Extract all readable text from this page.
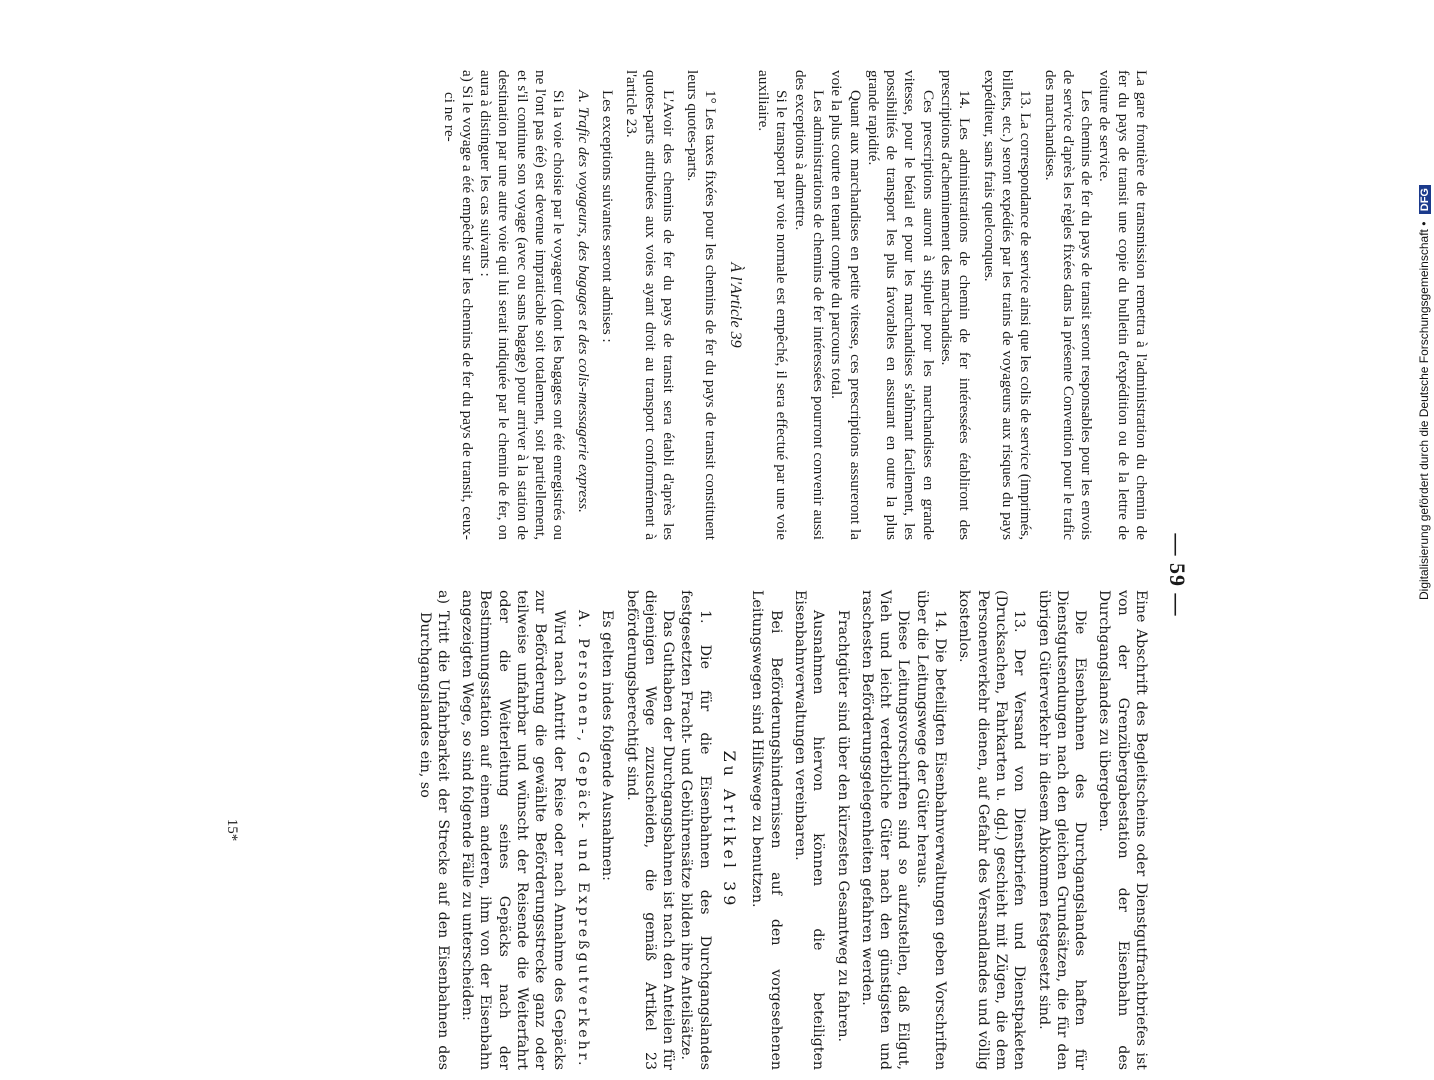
— 59 —

La gare frontière de transmission remettra à l'administration du chemin de fer du pays de transit une copie du bulletin d'expédition ou de la lettre de voiture de service.

Les chemins de fer du pays de transit seront responsables pour les envois de service d'après les règles fixées dans la présente Convention pour le trafic des marchandises.

13. La correspondance de service ainsi que les colis de service (imprimés, billets, etc.) seront expédiés par les trains de voyageurs aux risques du pays expéditeur, sans frais quelconques.

14. Les administrations de chemin de fer intéressées établiront des prescriptions d'acheminement des marchandises.

Ces prescriptions auront à stipuler pour les marchandises en grande vitesse, pour le bétail et pour les marchandises s'abîmant facilement, les possibilités de transport les plus favorables en assurant en outre la plus grande rapidité.

Quant aux marchandises en petite vitesse, ces prescriptions assureront la voie la plus courte en tenant compte du parcours total.

Les administrations de chemins de fer intéressées pourront convenir aussi des exceptions à admettre.

Si le transport par voie normale est empêché, il sera effectué par une voie auxiliaire.

À l'Article 39

1° Les taxes fixées pour les chemins de fer du pays de transit constituent leurs quotes-parts.

L'Avoir des chemins de fer du pays de transit sera établi d'après les quotes-parts attribuées aux voies ayant droit au transport conformément à l'article 23.

Les exceptions suivantes seront admises :

A. Trafic des voyageurs, des bagages et des colis-messagerie express.

Si la voie choisie par le voyageur (dont les bagages ont été enregistrés ou ne l'ont pas été) est devenue impraticable soit totalement, soit partiellement, et s'il continue son voyage (avec ou sans bagage) pour arriver à la station de destination par une autre voie qui lui serait indiquée par le chemin de fer, on aura à distinguer les cas suivants :

a) Si le voyage a été empêché sur les chemins de fer du pays de transit, ceux-ci ne re-

Eine Abschrift des Begleitscheins oder Dienstgutfrachtbriefes ist von der Grenzübergabestation der Eisenbahn des Durchgangslandes zu übergeben.

Die Eisenbahnen des Durchgangslandes haften für Dienstgutsendungen nach den gleichen Grundsätzen, die für den übrigen Güterverkehr in diesem Abkommen festgesetzt sind.

13. Der Versand von Dienstbriefen und Dienstpaketen (Drucksachen, Fahrkarten u. dgl.) geschieht mit Zügen, die dem Personenverkehr dienen, auf Gefahr des Versandlandes und völlig kostenlos.

14. Die beteiligten Eisenbahnverwaltungen geben Vorschriften über die Leitungswege der Güter heraus.

Diese Leitungsvorschriften sind so aufzustellen, daß Eilgut, Vieh und leicht verderbliche Güter nach den günstigsten und raschesten Beförderungsgelegenheiten gefahren werden.

Frachtgüter sind über den kürzesten Gesamtweg zu fahren.

Ausnahmen hiervon können die beteiligten Eisenbahnverwaltungen vereinbaren.

Bei Beförderungshindernissen auf den vorgesehenen Leitungswegen sind Hilfswege zu benutzen.

Zu Artikel 39

1. Die für die Eisenbahnen des Durchgangslandes festgesetzten Fracht- und Gebührensätze bilden ihre Anteilsätze.

Das Guthaben der Durchgangsbahnen ist nach den Anteilen für diejenigen Wege zuzuscheiden, die gemäß Artikel 23 beförderungsberechtigt sind.

Es gelten indes folgende Ausnahmen:

A. Personen-, Gepäck- und Expreßgutverkehr.

Wird nach Antritt der Reise oder nach Annahme des Gepäcks zur Beförderung die gewählte Beförderungsstrecke ganz oder teilweise unfahrbar und wünscht der Reisende die Weiterfahrt oder die Weiterleitung seines Gepäcks nach der Bestimmungsstation auf einem anderen, ihm von der Eisenbahn angezeigten Wege, so sind folgende Fälle zu unterscheiden:

a) Tritt die Unfahrbarkeit der Strecke auf den Eisenbahnen des Durchgangslandes ein, so

15*
Digitalisierung gefördert durch die Deutsche Forschungsgemeinschaft • DFG
